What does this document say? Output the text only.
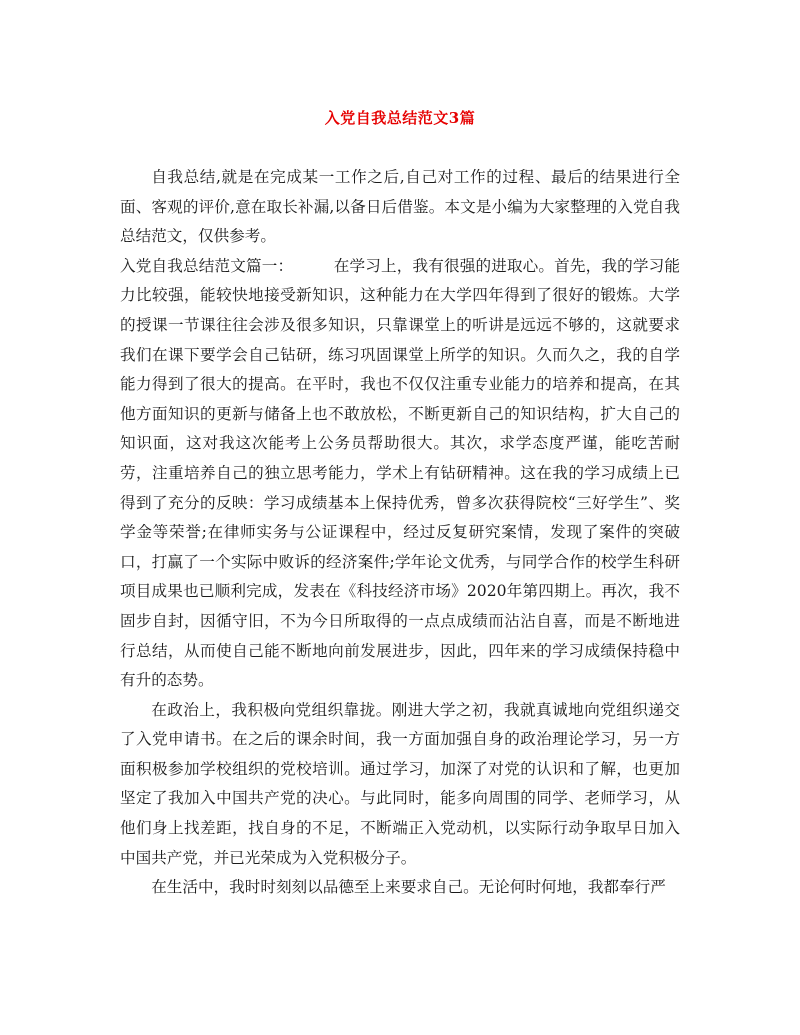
入党自我总结范文3篇

自我总结,就是在完成某一工作之后,自己对工作的过程、最后的结果进行全面、客观的评价,意在取长补漏,以备日后借鉴。本文是小编为大家整理的入党自我总结范文，仅供参考。

入党自我总结范文篇一：	在学习上，我有很强的进取心。首先，我的学习能力比较强，能较快地接受新知识，这种能力在大学四年得到了很好的锻炼。大学的授课一节课往往会涉及很多知识，只靠课堂上的听讲是远远不够的，这就要求我们在课下要学会自己钻研，练习巩固课堂上所学的知识。久而久之，我的自学能力得到了很大的提高。在平时，我也不仅仅注重专业能力的培养和提高，在其他方面知识的更新与储备上也不敢放松，不断更新自己的知识结构，扩大自己的知识面，这对我这次能考上公务员帮助很大。其次，求学态度严谨，能吃苦耐劳，注重培养自己的独立思考能力，学术上有钻研精神。这在我的学习成绩上已得到了充分的反映：学习成绩基本上保持优秀，曾多次获得院校“三好学生”、奖学金等荣誉;在律师实务与公证课程中，经过反复研究案情，发现了案件的突破口，打赢了一个实际中败诉的经济案件;学年论文优秀，与同学合作的校学生科研项目成果也已顺利完成，发表在《科技经济市场》2020年第四期上。再次，我不固步自封，因循守旧，不为今日所取得的一点点成绩而沾沾自喜，而是不断地进行总结，从而使自己能不断地向前发展进步，因此，四年来的学习成绩保持稳中有升的态势。

在政治上，我积极向党组织靠拢。刚进大学之初，我就真诚地向党组织递交了入党申请书。在之后的课余时间，我一方面加强自身的政治理论学习，另一方面积极参加学校组织的党校培训。通过学习，加深了对党的认识和了解，也更加坚定了我加入中国共产党的决心。与此同时，能多向周围的同学、老师学习，从他们身上找差距，找自身的不足，不断端正入党动机，以实际行动争取早日加入中国共产党，并已光荣成为入党积极分子。

在生活中，我时时刻刻以品德至上来要求自己。无论何时何地，我都奉行严
